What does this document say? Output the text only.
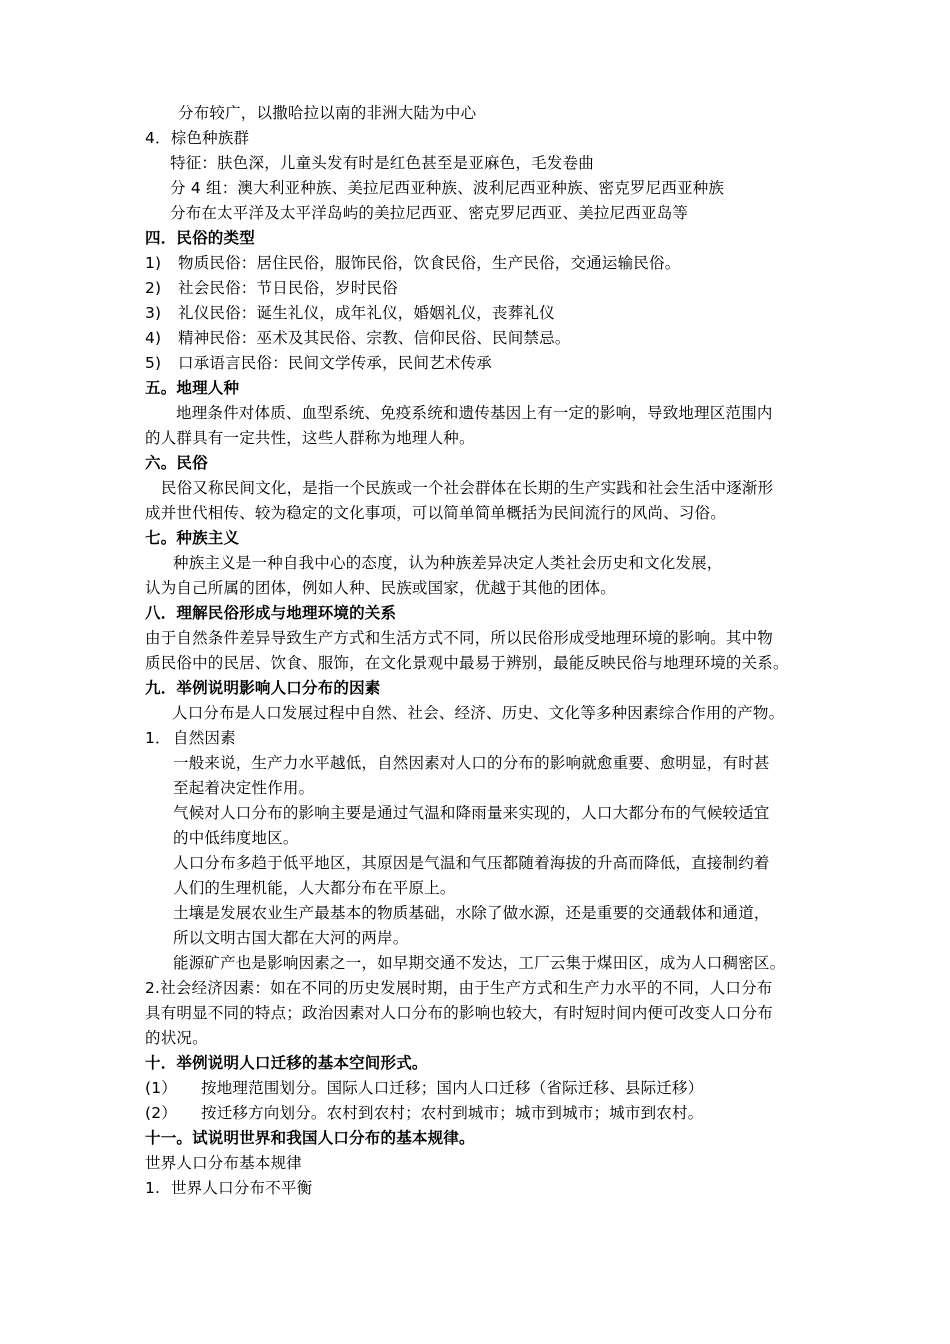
分布较广，以撒哈拉以南的非洲大陆为中心
4．棕色种族群
特征：肤色深，儿童头发有时是红色甚至是亚麻色，毛发卷曲
分 4 组：澳大利亚种族、美拉尼西亚种族、波利尼西亚种族、密克罗尼西亚种族
分布在太平洋及太平洋岛屿的美拉尼西亚、密克罗尼西亚、美拉尼西亚岛等
四．民俗的类型
1) 物质民俗：居住民俗，服饰民俗，饮食民俗，生产民俗，交通运输民俗。
2) 社会民俗：节日民俗，岁时民俗
3) 礼仪民俗：诞生礼仪，成年礼仪，婚姻礼仪，丧葬礼仪
4) 精神民俗：巫术及其民俗、宗教、信仰民俗、民间禁忌。
5) 口承语言民俗：民间文学传承，民间艺术传承
五。地理人种
地理条件对体质、血型系统、免疫系统和遗传基因上有一定的影响，导致地理区范围内
的人群具有一定共性，这些人群称为地理人种。
六。民俗
民俗又称民间文化，是指一个民族或一个社会群体在长期的生产实践和社会生活中逐渐形
成并世代相传、较为稳定的文化事项，可以简单简单概括为民间流行的风尚、习俗。
七。种族主义
种族主义是一种自我中心的态度，认为种族差异决定人类社会历史和文化发展，
认为自己所属的团体，例如人种、民族或国家，优越于其他的团体。
八．理解民俗形成与地理环境的关系
由于自然条件差异导致生产方式和生活方式不同，所以民俗形成受地理环境的影响。其中物
质民俗中的民居、饮食、服饰，在文化景观中最易于辨别，最能反映民俗与地理环境的关系。
九．举例说明影响人口分布的因素
人口分布是人口发展过程中自然、社会、经济、历史、文化等多种因素综合作用的产物。
1． 自然因素
一般来说，生产力水平越低，自然因素对人口的分布的影响就愈重要、愈明显，有时甚
至起着决定性作用。
气候对人口分布的影响主要是通过气温和降雨量来实现的，人口大都分布的气候较适宜
的中低纬度地区。
人口分布多趋于低平地区，其原因是气温和气压都随着海拔的升高而降低，直接制约着
人们的生理机能，人大都分布在平原上。
土壤是发展农业生产最基本的物质基础，水除了做水源，还是重要的交通载体和通道，
所以文明古国大都在大河的两岸。
能源矿产也是影响因素之一，如早期交通不发达，工厂云集于煤田区，成为人口稠密区。
2.社会经济因素：如在不同的历史发展时期，由于生产方式和生产力水平的不同，人口分布
具有明显不同的特点；政治因素对人口分布的影响也较大，有时短时间内便可改变人口分布
的状况。
十．举例说明人口迁移的基本空间形式。
(1） 按地理范围划分。国际人口迁移；国内人口迁移（省际迁移、县际迁移）
(2） 按迁移方向划分。农村到农村；农村到城市；城市到城市；城市到农村。
十一。试说明世界和我国人口分布的基本规律。
世界人口分布基本规律
1. 世界人口分布不平衡
